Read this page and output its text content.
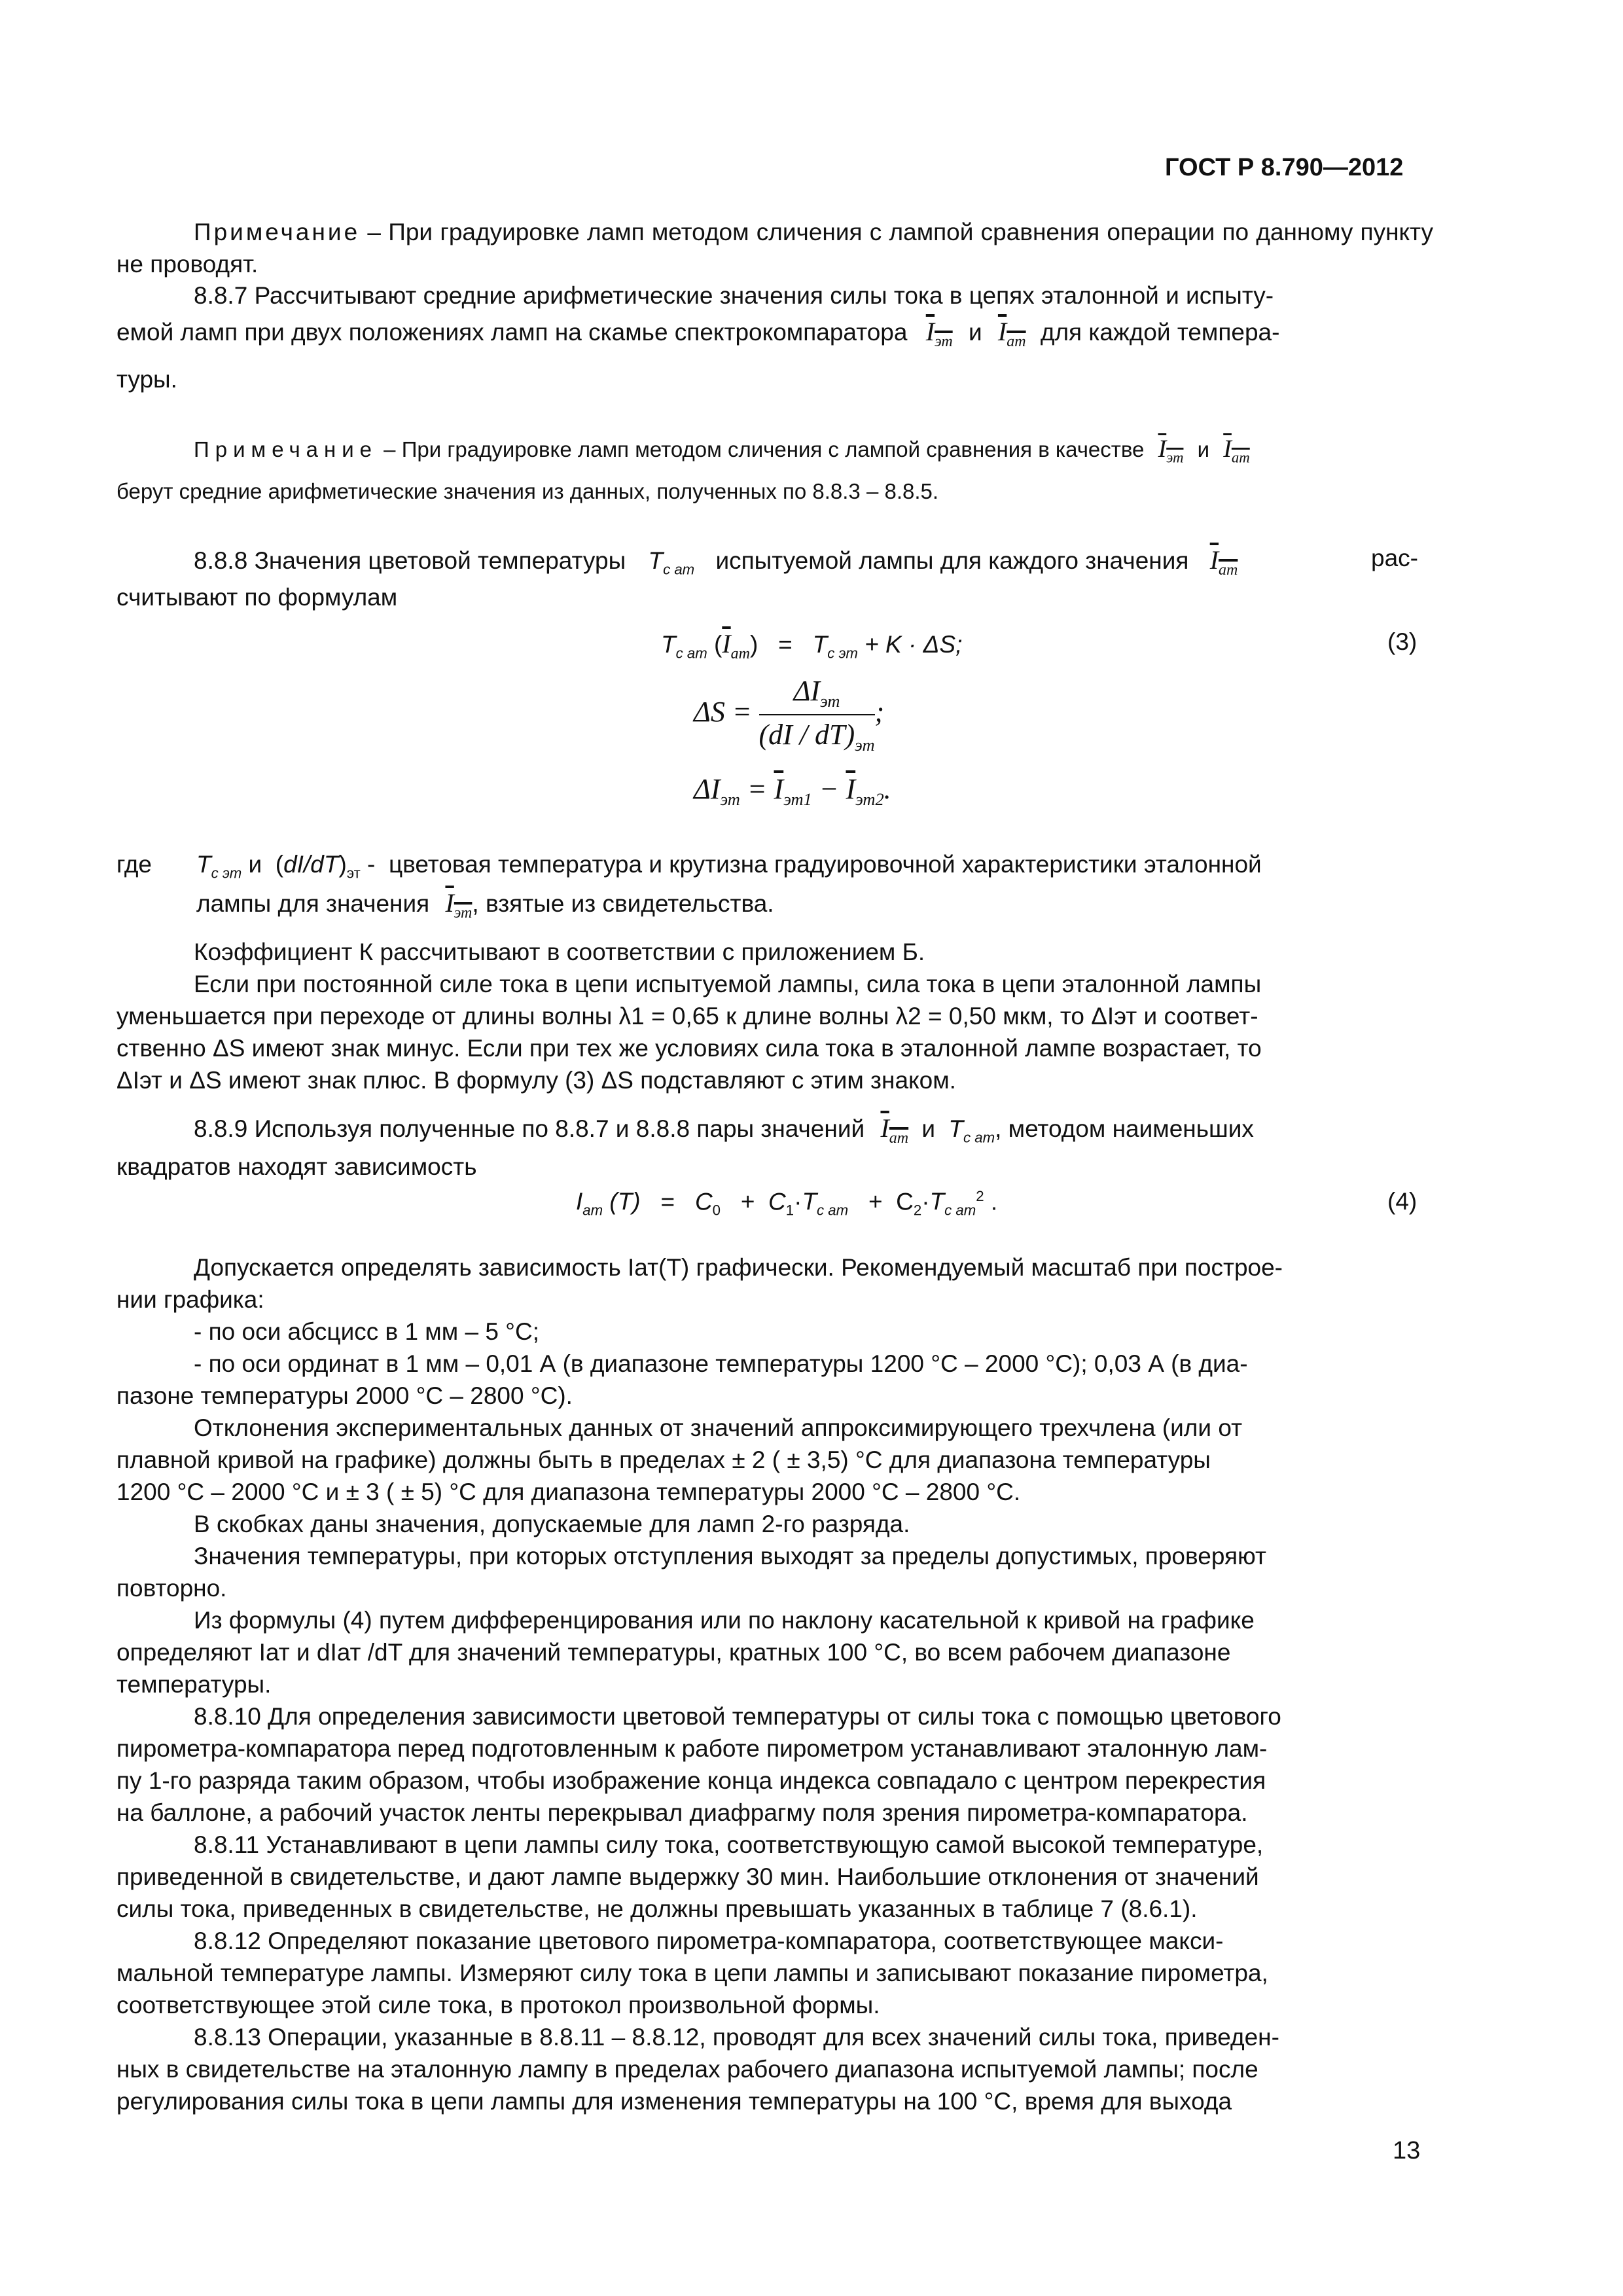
ГОСТ Р 8.790—2012
Примечание – При градуировке ламп методом сличения с лампой сравнения операции по данному пункту не проводят.
8.8.7 Рассчитывают средние арифметические значения силы тока в цепях эталонной и испыту-
емой ламп при двух положениях ламп на скамье спектрокомпаратора $I_{эт}$ и $I_{ат}$ для каждой темпера-
туры.
Примечание – При градуировке ламп методом сличения с лампой сравнения в качестве $I_{эт}$ и $I_{ат}$
берут средние арифметические значения из данных, полученных по 8.8.3 – 8.8.5.
8.8.8 Значения цветовой температуры $T_{с ат}$ испытуемой лампы для каждого значения $I_{ат}$	рас-
считывают по формулам
$T_{с ат}$ $(\overline{I}_{ат}) = T_{с эт} + K \cdot \Delta S$;	(3)
$\Delta S = \frac{\Delta I_{эт}}{(dI / dT)_{эт}}$ ;
$\Delta I_{эт} = \overline{I}_{эт1} - \overline{I}_{эт2}$.
где $T_{с эт}$ и  $(dI/dT)_{эт}$ -  цветовая температура и крутизна градуировочной характеристики эталонной
лампы для значения $I_{эт}$, взятые из свидетельства.
Коэффициент К рассчитывают в соответствии с приложением Б.
Если при постоянной силе тока в цепи испытуемой лампы, сила тока в цепи эталонной лампы
уменьшается при переходе от длины волны λ1 = 0,65 к длине волны λ2 = 0,50 мкм, то ΔIэт и соответ-
ственно ΔS имеют знак минус. Если при тех же условиях сила тока в эталонной лампе возрастает, то
ΔIэт и ΔS имеют знак плюс. В формулу (3) ΔS подставляют с этим знаком.
8.8.9 Используя полученные по 8.8.7 и 8.8.8 пары значений $I_{ат}$ и $T_{с ат}$, методом наименьших
квадратов находят зависимость
$I_{ат}$ $(T) = C_0 + C_1\cdot T_{с ат} + C_2\cdot T_{с ат}^2$ .	(4)
Допускается определять зависимость Iат(T) графически. Рекомендуемый масштаб при построе-
нии графика:
- по оси абсцисс в 1 мм – 5 °С;
- по оси ординат в 1 мм – 0,01 А (в диапазоне температуры 1200 °С – 2000 °С); 0,03 А (в диа-
пазоне температуры 2000 °С – 2800 °С).
Отклонения экспериментальных данных от значений аппроксимирующего трехчлена (или от
плавной кривой на графике) должны быть в пределах ± 2 ( ± 3,5) °С для диапазона температуры
1200 °С – 2000 °С и ± 3 ( ± 5) °С для диапазона температуры 2000 °С – 2800 °С.
В скобках даны значения, допускаемые для ламп 2-го разряда.
Значения температуры, при которых отступления выходят за пределы допустимых, проверяют
повторно.
Из формулы (4) путем дифференцирования или по наклону касательной к кривой на графике
определяют Iат и dIат /dT для значений температуры, кратных 100 °С, во всем рабочем диапазоне
температуры.
8.8.10 Для определения зависимости цветовой температуры от силы тока с помощью цветового
пирометра-компаратора перед подготовленным к работе пирометром устанавливают эталонную лам-
пу 1-го разряда таким образом, чтобы изображение конца индекса совпадало с центром перекрестия
на баллоне, а рабочий участок ленты перекрывал диафрагму поля зрения пирометра-компаратора.
8.8.11 Устанавливают в цепи лампы силу тока, соответствующую самой высокой температуре,
приведенной в свидетельстве, и дают лампе выдержку 30 мин. Наибольшие отклонения от значений
силы тока, приведенных в свидетельстве, не должны превышать указанных в таблице 7 (8.6.1).
8.8.12 Определяют показание цветового пирометра-компаратора, соответствующее макси-
мальной температуре лампы. Измеряют силу тока в цепи лампы и записывают показание пирометра,
соответствующее этой силе тока, в протокол произвольной формы.
8.8.13 Операции, указанные в 8.8.11 – 8.8.12, проводят для всех значений силы тока, приведен-
ных в свидетельстве на эталонную лампу в пределах рабочего диапазона испытуемой лампы; после
регулирования силы тока в цепи лампы для изменения температуры на 100 °С, время для выхода
13
